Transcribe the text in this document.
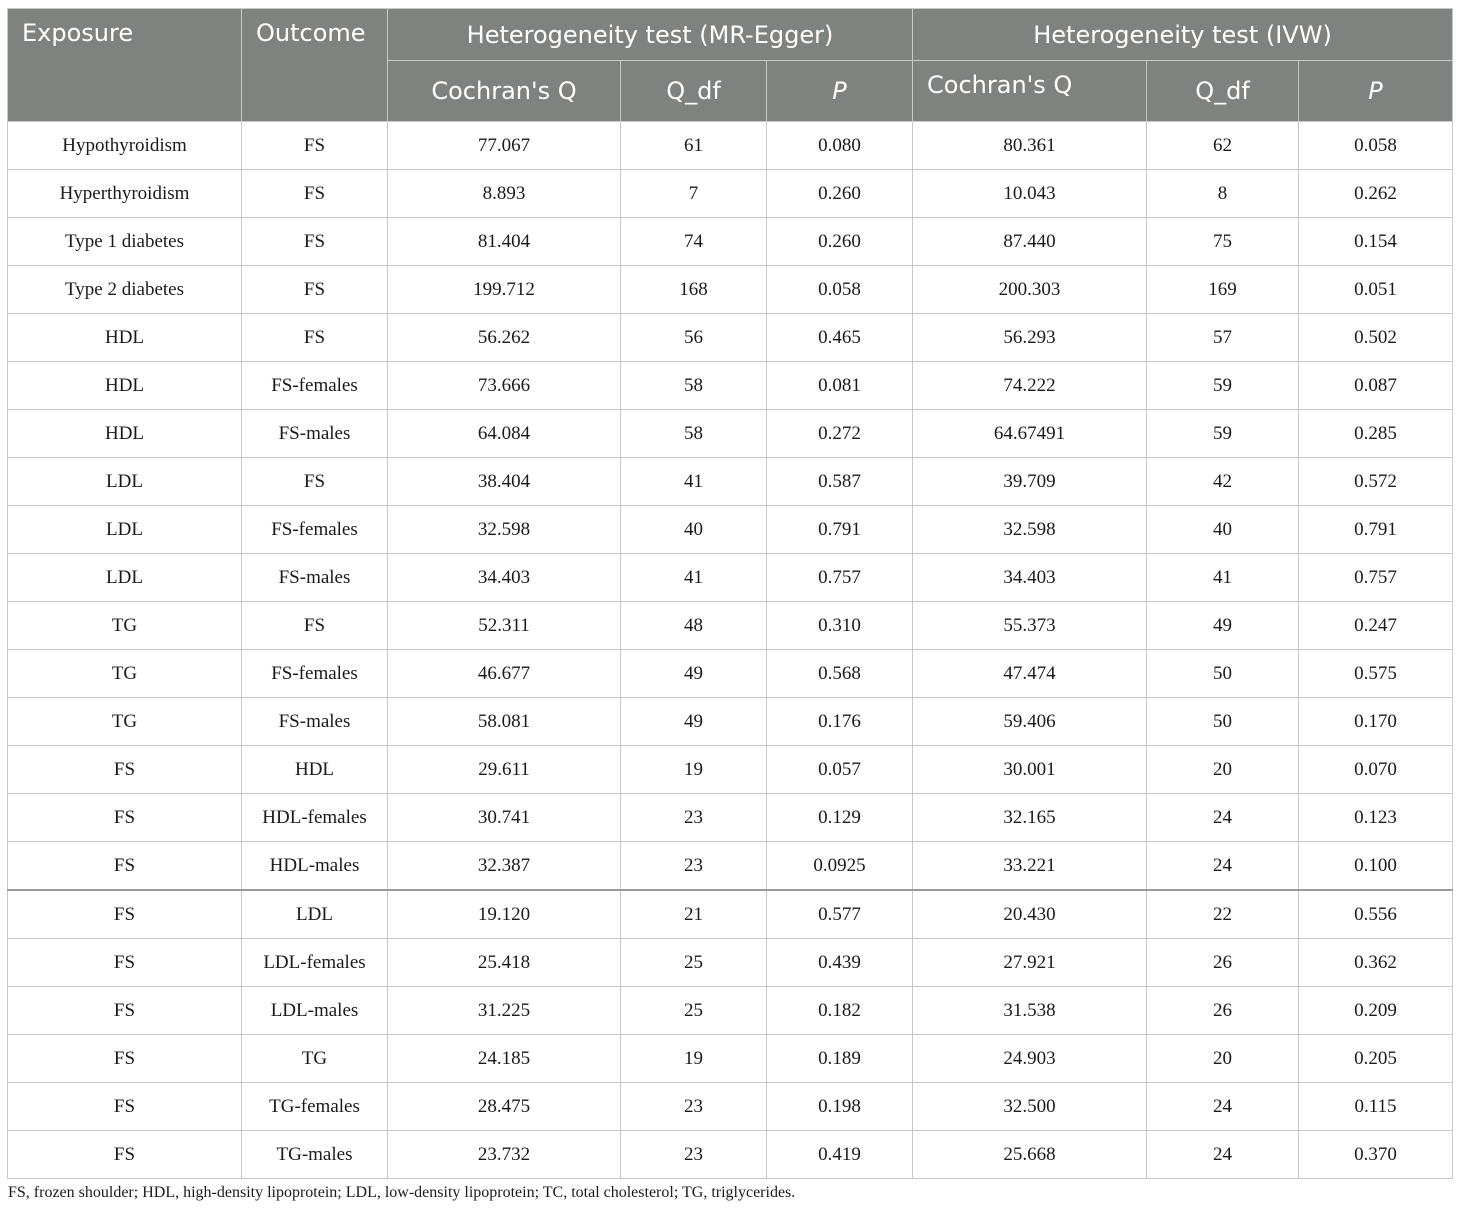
Exposure	Outcome	Heterogeneity test (MR-Egger)			Heterogeneity test (IVW)		
		Cochran's Q	Q_df	P	Cochran's Q	Q_df	P
Hypothyroidism	FS	77.067	61	0.080	80.361	62	0.058
Hyperthyroidism	FS	8.893	7	0.260	10.043	8	0.262
Type 1 diabetes	FS	81.404	74	0.260	87.440	75	0.154
Type 2 diabetes	FS	199.712	168	0.058	200.303	169	0.051
HDL	FS	56.262	56	0.465	56.293	57	0.502
HDL	FS-females	73.666	58	0.081	74.222	59	0.087
HDL	FS-males	64.084	58	0.272	64.67491	59	0.285
LDL	FS	38.404	41	0.587	39.709	42	0.572
LDL	FS-females	32.598	40	0.791	32.598	40	0.791
LDL	FS-males	34.403	41	0.757	34.403	41	0.757
TG	FS	52.311	48	0.310	55.373	49	0.247
TG	FS-females	46.677	49	0.568	47.474	50	0.575
TG	FS-males	58.081	49	0.176	59.406	50	0.170
FS	HDL	29.611	19	0.057	30.001	20	0.070
FS	HDL-females	30.741	23	0.129	32.165	24	0.123
FS	HDL-males	32.387	23	0.0925	33.221	24	0.100
FS	LDL	19.120	21	0.577	20.430	22	0.556
FS	LDL-females	25.418	25	0.439	27.921	26	0.362
FS	LDL-males	31.225	25	0.182	31.538	26	0.209
FS	TG	24.185	19	0.189	24.903	20	0.205
FS	TG-females	28.475	23	0.198	32.500	24	0.115
FS	TG-males	23.732	23	0.419	25.668	24	0.370
FS, frozen shoulder; HDL, high-density lipoprotein; LDL, low-density lipoprotein; TC, total cholesterol; TG, triglycerides.
